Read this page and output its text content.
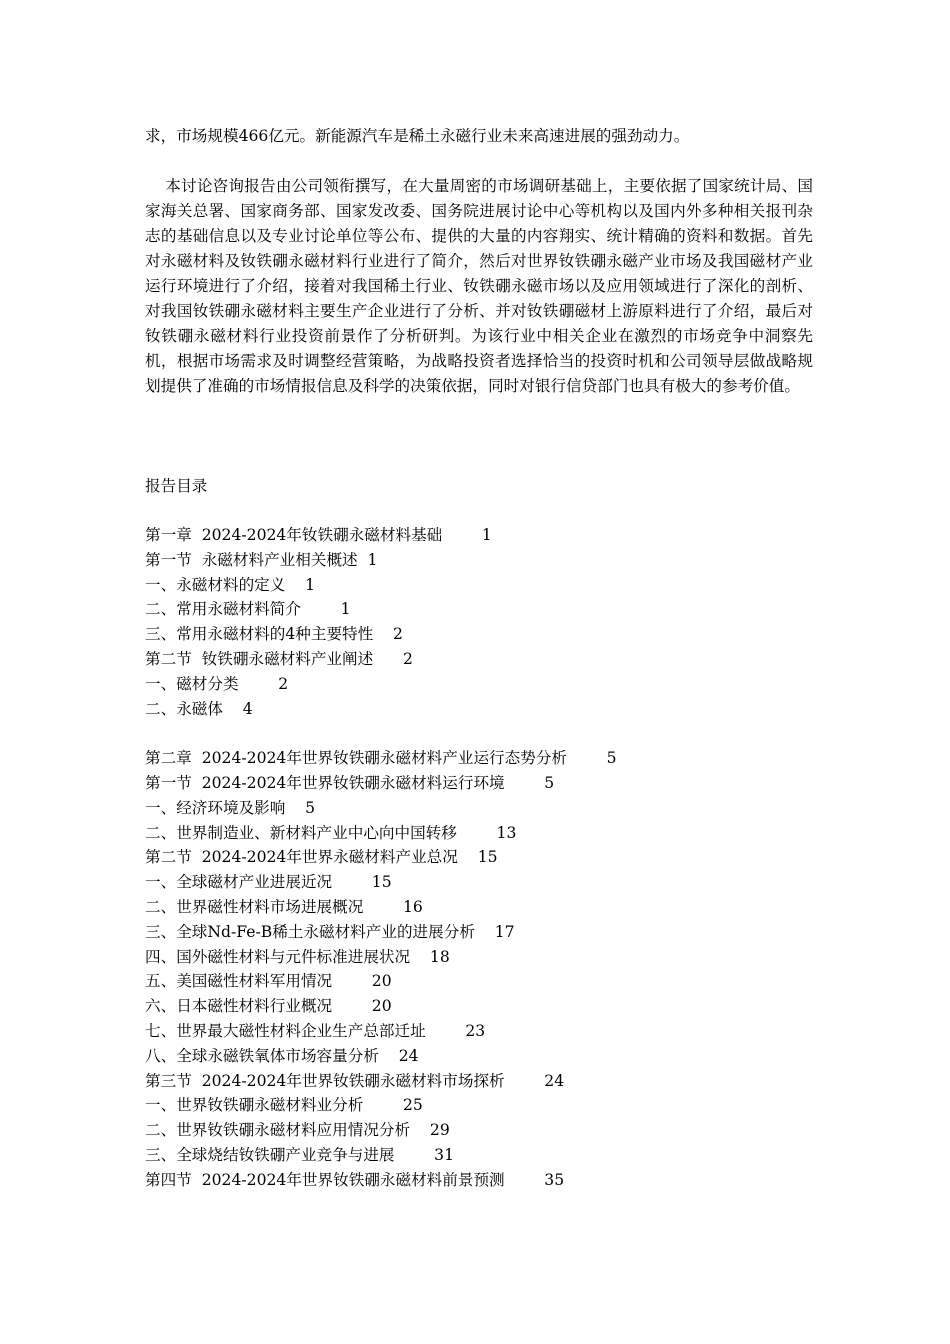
求，市场规模466亿元。新能源汽车是稀土永磁行业未来高速进展的强劲动力。
本讨论咨询报告由公司领衔撰写，在大量周密的市场调研基础上，主要依据了国家统计局、国家海关总署、国家商务部、国家发改委、国务院进展讨论中心等机构以及国内外多种相关报刊杂志的基础信息以及专业讨论单位等公布、提供的大量的内容翔实、统计精确的资料和数据。首先对永磁材料及钕铁硼永磁材料行业进行了简介，然后对世界钕铁硼永磁产业市场及我国磁材产业运行环境进行了介绍，接着对我国稀土行业、钕铁硼永磁市场以及应用领域进行了深化的剖析、对我国钕铁硼永磁材料主要生产企业进行了分析、并对钕铁硼磁材上游原料进行了介绍，最后对钕铁硼永磁材料行业投资前景作了分析研判。为该行业中相关企业在激烈的市场竞争中洞察先机，根据市场需求及时调整经营策略，为战略投资者选择恰当的投资时机和公司领导层做战略规划提供了准确的市场情报信息及科学的决策依据，同时对银行信贷部门也具有极大的参考价值。
报告目录
第一章  2024-2024年钕铁硼永磁材料基础        1
第一节  永磁材料产业相关概述  1
一、永磁材料的定义    1
二、常用永磁材料简介        1
三、常用永磁材料的4种主要特性    2
第二节  钕铁硼永磁材料产业阐述      2
一、磁材分类        2
二、永磁体    4
第二章  2024-2024年世界钕铁硼永磁材料产业运行态势分析        5
第一节  2024-2024年世界钕铁硼永磁材料运行环境        5
一、经济环境及影响    5
二、世界制造业、新材料产业中心向中国转移        13
第二节  2024-2024年世界永磁材料产业总况    15
一、全球磁材产业进展近况        15
二、世界磁性材料市场进展概况        16
三、全球Nd-Fe-B稀土永磁材料产业的进展分析    17
四、国外磁性材料与元件标准进展状况    18
五、美国磁性材料军用情况        20
六、日本磁性材料行业概况        20
七、世界最大磁性材料企业生产总部迁址        23
八、全球永磁铁氧体市场容量分析    24
第三节  2024-2024年世界钕铁硼永磁材料市场探析        24
一、世界钕铁硼永磁材料业分析        25
二、世界钕铁硼永磁材料应用情况分析    29
三、全球烧结钕铁硼产业竞争与进展        31
第四节  2024-2024年世界钕铁硼永磁材料前景预测        35
